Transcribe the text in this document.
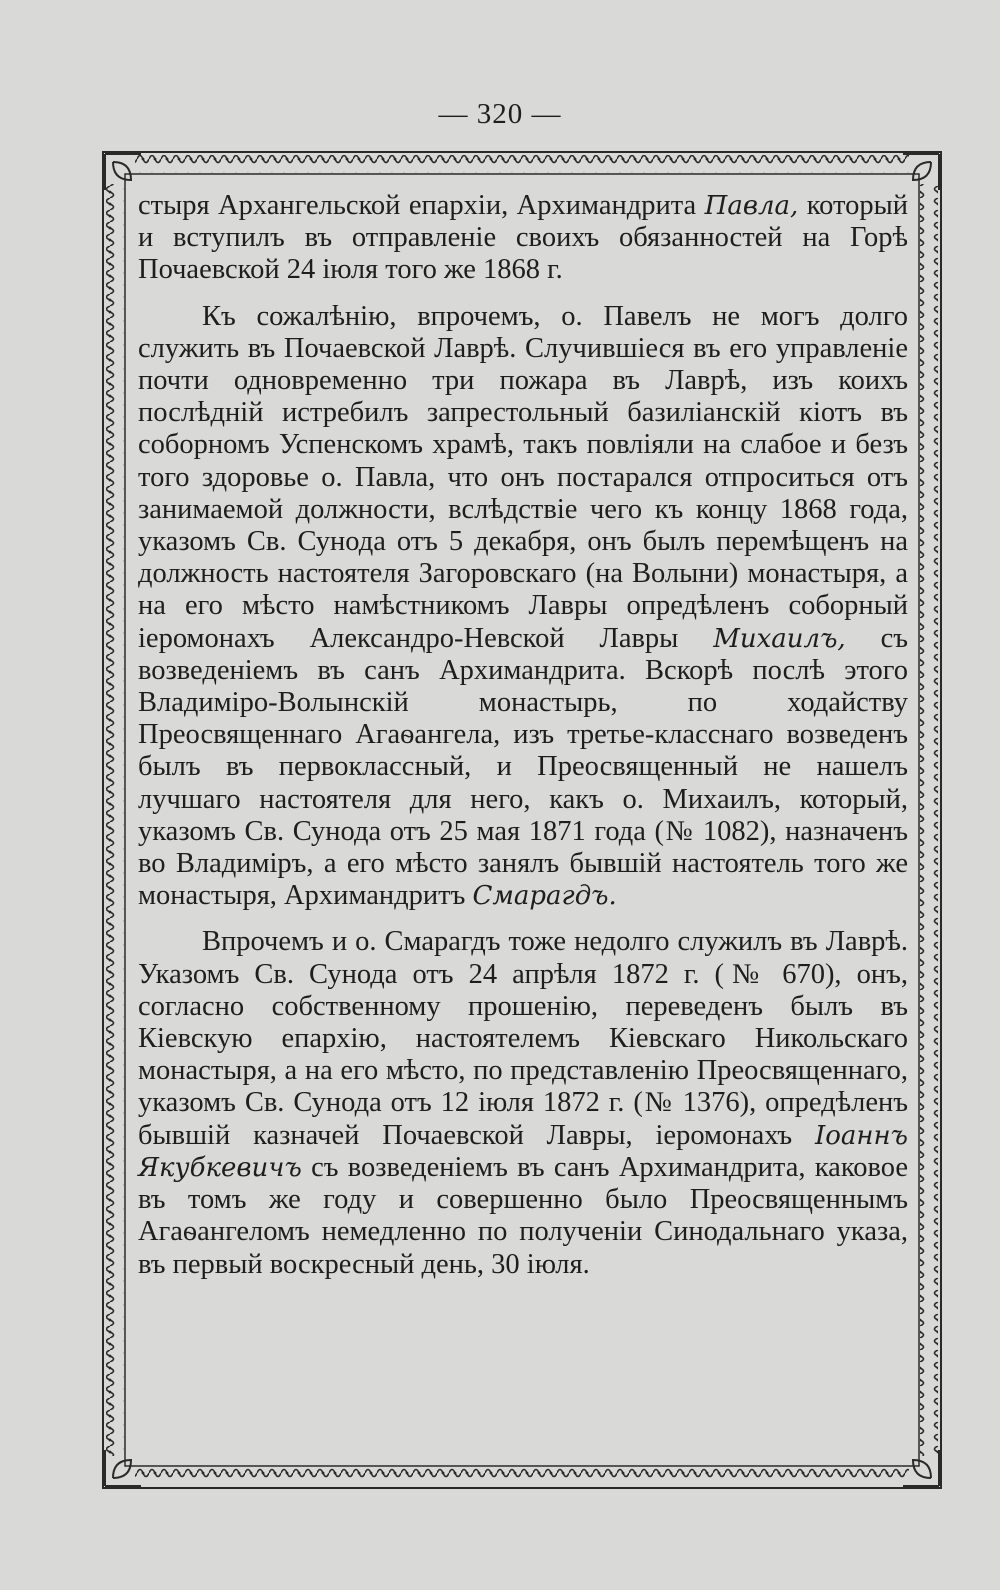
— 320 —

стыря Архангельской епархіи, Архимандрита Павла, который и вступилъ въ отправленіе своихъ обязанностей на Горѣ Почаевской 24 іюля того же 1868 г.

Къ сожалѣнію, впрочемъ, о. Павелъ не могъ долго служить въ Почаевской Лаврѣ. Случившіеся въ его управленіе почти одновременно три пожара въ Лаврѣ, изъ коихъ послѣдній истребилъ запрестольный базиліанскій кіотъ въ соборномъ Успенскомъ храмѣ, такъ повліяли на слабое и безъ того здоровье о. Павла, что онъ постарался отпроситься отъ занимаемой должности, вслѣдствіе чего къ концу 1868 года, указомъ Св. Сунода отъ 5 декабря, онъ былъ перемѣщенъ на должность настоятеля Загоровскаго (на Волыни) монастыря, а на его мѣсто намѣстникомъ Лавры опредѣленъ соборный іеромонахъ Александро-Невской Лавры Михаилъ, съ возведеніемъ въ санъ Архимандрита. Вскорѣ послѣ этого Владиміро-Волынскій монастырь, по ходайству Преосвященнаго Агаѳангела, изъ третье-класснаго возведенъ былъ въ первоклассный, и Преосвященный не нашелъ лучшаго настоятеля для него, какъ о. Михаилъ, который, указомъ Св. Сунода отъ 25 мая 1871 года (№ 1082), назначенъ во Владиміръ, а его мѣсто занялъ бывшій настоятель того же монастыря, Архимандритъ Смарагдъ.

Впрочемъ и о. Смарагдъ тоже недолго служилъ въ Лаврѣ. Указомъ Св. Сунода отъ 24 апрѣля 1872 г. (№ 670), онъ, согласно собственному прошенію, переведенъ былъ въ Кіевскую епархію, настоятелемъ Кіевскаго Никольскаго монастыря, а на его мѣсто, по представленію Преосвященнаго, указомъ Св. Сунода отъ 12 іюля 1872 г. (№ 1376), опредѣленъ бывшій казначей Почаевской Лавры, іеромонахъ Іоаннъ Якубкевичъ съ возведеніемъ въ санъ Архимандрита, каковое въ томъ же году и совершенно было Преосвященнымъ Агаѳангеломъ немедленно по полученіи Синодальнаго указа, въ первый воскресный день, 30 іюля.
